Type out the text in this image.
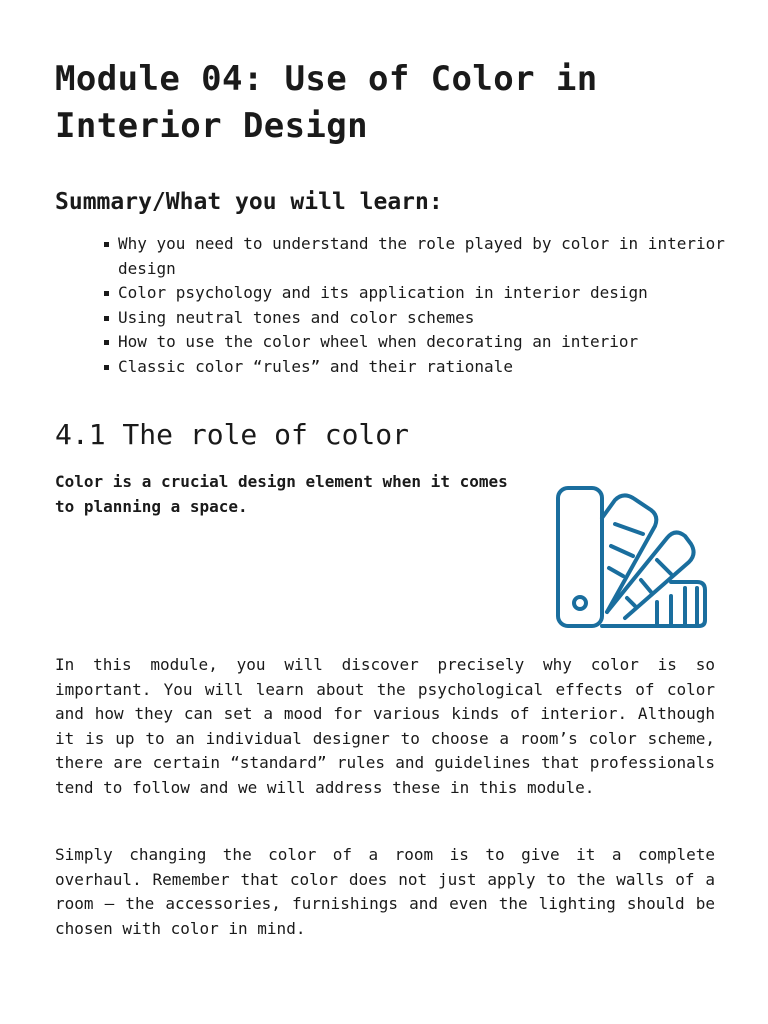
Module 04: Use of Color in Interior Design
Summary/What you will learn:
Why you need to understand the role played by color in interior design
Color psychology and its application in interior design
Using neutral tones and color schemes
How to use the color wheel when decorating an interior
Classic color “rules” and their rationale
4.1 The role of color

Color is a crucial design element when it comes to planning a space.

In this module, you will discover precisely why color is so important. You will learn about the psychological effects of color and how they can set a mood for various kinds of interior. Although it is up to an individual designer to choose a room’s color scheme, there are certain “standard” rules and guidelines that professionals tend to follow and we will address these in this module.

Simply changing the color of a room is to give it a complete overhaul. Remember that color does not just apply to the walls of a room – the accessories, furnishings and even the lighting should be chosen with color in mind.
